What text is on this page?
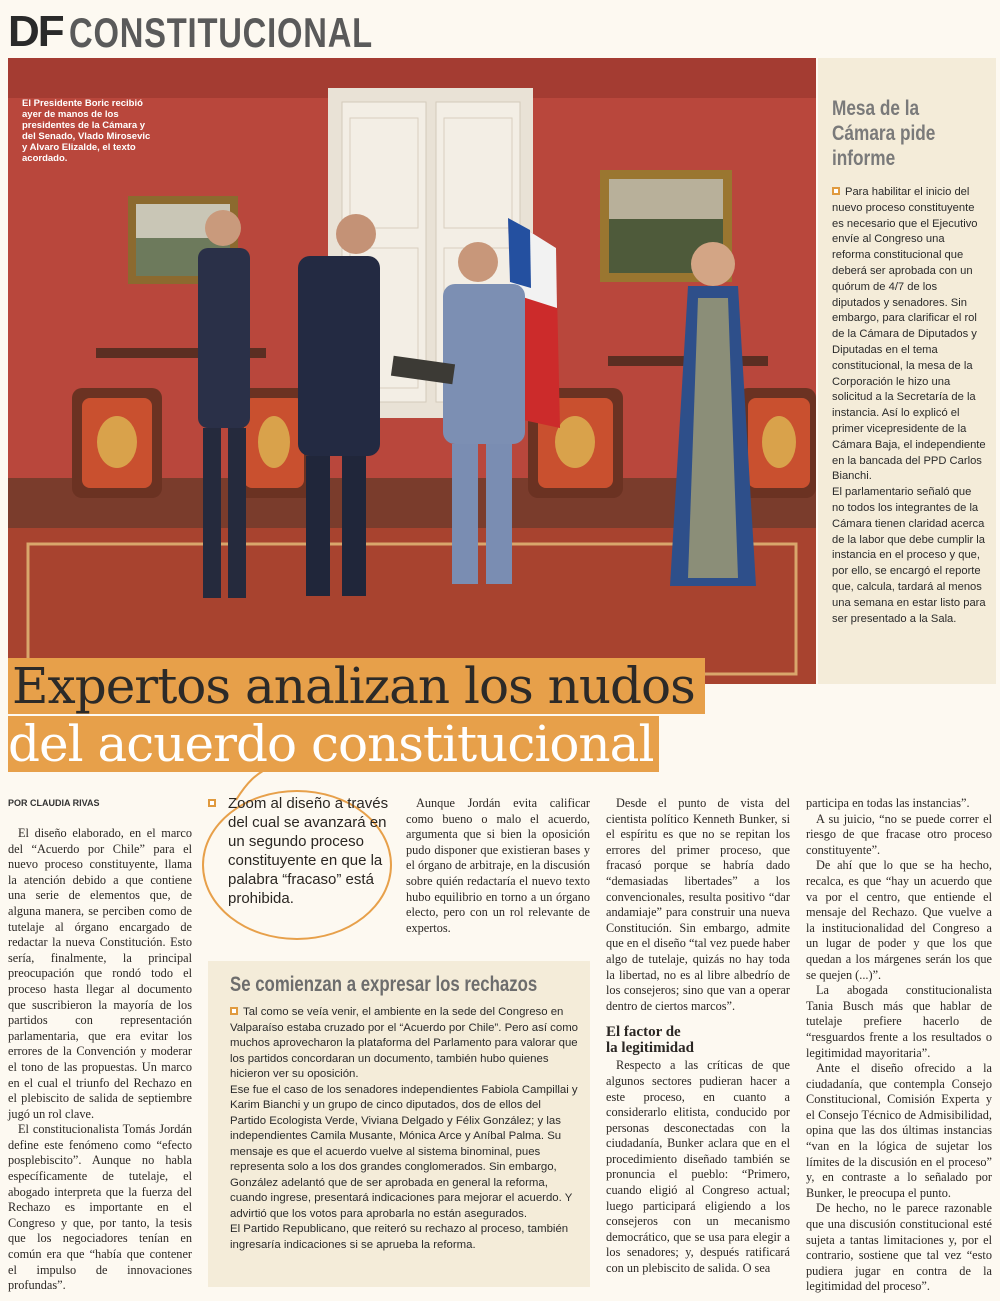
DF CONSTITUCIONAL
El Presidente Boric recibió ayer de manos de los presidentes de la Cámara y del Senado, Vlado Mirosevic y Alvaro Elizalde, el texto acordado.
Mesa de la
Cámara pide
informe

Para habilitar el inicio del nuevo proceso constituyente es necesario que el Ejecutivo envíe al Congreso una reforma constitucional que deberá ser aprobada con un quórum de 4/7 de los diputados y senadores. Sin embargo, para clarificar el rol de la Cámara de Diputados y Diputadas en el tema constitucional, la mesa de la Corporación le hizo una solicitud a la Secretaría de la instancia. Así lo explicó el primer vicepresidente de la Cámara Baja, el independiente en la bancada del PPD Carlos Bianchi.

El parlamentario señaló que no todos los integrantes de la Cámara tienen claridad acerca de la labor que debe cumplir la instancia en el proceso y que, por ello, se encargó el reporte que, calcula, tardará al menos una semana en estar listo para ser presentado a la Sala.

Expertos analizan los nudos
del acuerdo constitucional
POR CLAUDIA RIVAS

El diseño elaborado, en el marco del “Acuerdo por Chile” para el nuevo proceso constituyente, llama la atención debido a que contiene una serie de elementos que, de alguna manera, se perciben como de tutelaje al órgano encargado de redactar la nueva Constitución. Esto sería, finalmente, la principal preocupación que rondó todo el proceso hasta llegar al documento que suscribieron la mayoría de los partidos con representación parlamentaria, que era evitar los errores de la Convención y moderar el tono de las propuestas. Un marco en el cual el triunfo del Rechazo en el plebiscito de salida de septiembre jugó un rol clave.

El constitucionalista Tomás Jordán define este fenómeno como “efecto posplebiscito”. Aunque no habla específicamente de tutelaje, el abogado interpreta que la fuerza del Rechazo es importante en el Congreso y que, por tanto, la tesis que los negociadores tenían en común era que “había que contener el impulso de innovaciones profundas”.

Zoom al diseño a través del cual se avanzará en un segundo proceso constituyente en que la palabra “fracaso” está prohibida.

Aunque Jordán evita calificar como bueno o malo el acuerdo, argumenta que si bien la oposición pudo disponer que existieran bases y el órgano de arbitraje, en la discusión sobre quién redactaría el nuevo texto hubo equilibrio en torno a un órgano electo, pero con un rol relevante de expertos.

Se comienzan a expresar los rechazos

Tal como se veía venir, el ambiente en la sede del Congreso en Valparaíso estaba cruzado por el “Acuerdo por Chile”. Pero así como muchos aprovecharon la plataforma del Parlamento para valorar que los partidos concordaran un documento, también hubo quienes hicieron ver su oposición.

Ese fue el caso de los senadores independientes Fabiola Campillai y Karim Bianchi y un grupo de cinco diputados, dos de ellos del Partido Ecologista Verde, Viviana Delgado y Félix González; y las independientes Camila Musante, Mónica Arce y Aníbal Palma. Su mensaje es que el acuerdo vuelve al sistema binominal, pues representa solo a los dos grandes conglomerados. Sin embargo, González adelantó que de ser aprobada en general la reforma, cuando ingrese, presentará indicaciones para mejorar el acuerdo. Y advirtió que los votos para aprobarla no están asegurados.

El Partido Republicano, que reiteró su rechazo al proceso, también ingresaría indicaciones si se aprueba la reforma.

Desde el punto de vista del cientista político Kenneth Bunker, si el espíritu es que no se repitan los errores del primer proceso, que fracasó porque se habría dado “demasiadas libertades” a los convencionales, resulta positivo “dar andamiaje” para construir una nueva Constitución. Sin embargo, admite que en el diseño “tal vez puede haber algo de tutelaje, quizás no hay toda la libertad, no es al libre albedrío de los consejeros; sino que van a operar dentro de ciertos marcos”.

El factor de
la legitimidad

Respecto a las críticas de que algunos sectores pudieran hacer a este proceso, en cuanto a considerarlo elitista, conducido por personas desconectadas con la ciudadanía, Bunker aclara que en el procedimiento diseñado también se pronuncia el pueblo: “Primero, cuando eligió al Congreso actual; luego participará eligiendo a los consejeros con un mecanismo democrático, que se usa para elegir a los senadores; y, después ratificará con un plebiscito de salida. O sea

participa en todas las instancias”.

A su juicio, “no se puede correr el riesgo de que fracase otro proceso constituyente”.

De ahí que lo que se ha hecho, recalca, es que “hay un acuerdo que va por el centro, que entiende el mensaje del Rechazo. Que vuelve a la institucionalidad del Congreso a un lugar de poder y que los que quedan a los márgenes serán los que se quejen (...)”.

La abogada constitucionalista Tania Busch más que hablar de tutelaje prefiere hacerlo de “resguardos frente a los resultados o legitimidad mayoritaria”.

Ante el diseño ofrecido a la ciudadanía, que contempla Consejo Constitucional, Comisión Experta y el Consejo Técnico de Admisibilidad, opina que las dos últimas instancias “van en la lógica de sujetar los límites de la discusión en el proceso” y, en contraste a lo señalado por Bunker, le preocupa el punto.

De hecho, no le parece razonable que una discusión constitucional esté sujeta a tantas limitaciones y, por el contrario, sostiene que tal vez “esto pudiera jugar en contra de la legitimidad del proceso”.
